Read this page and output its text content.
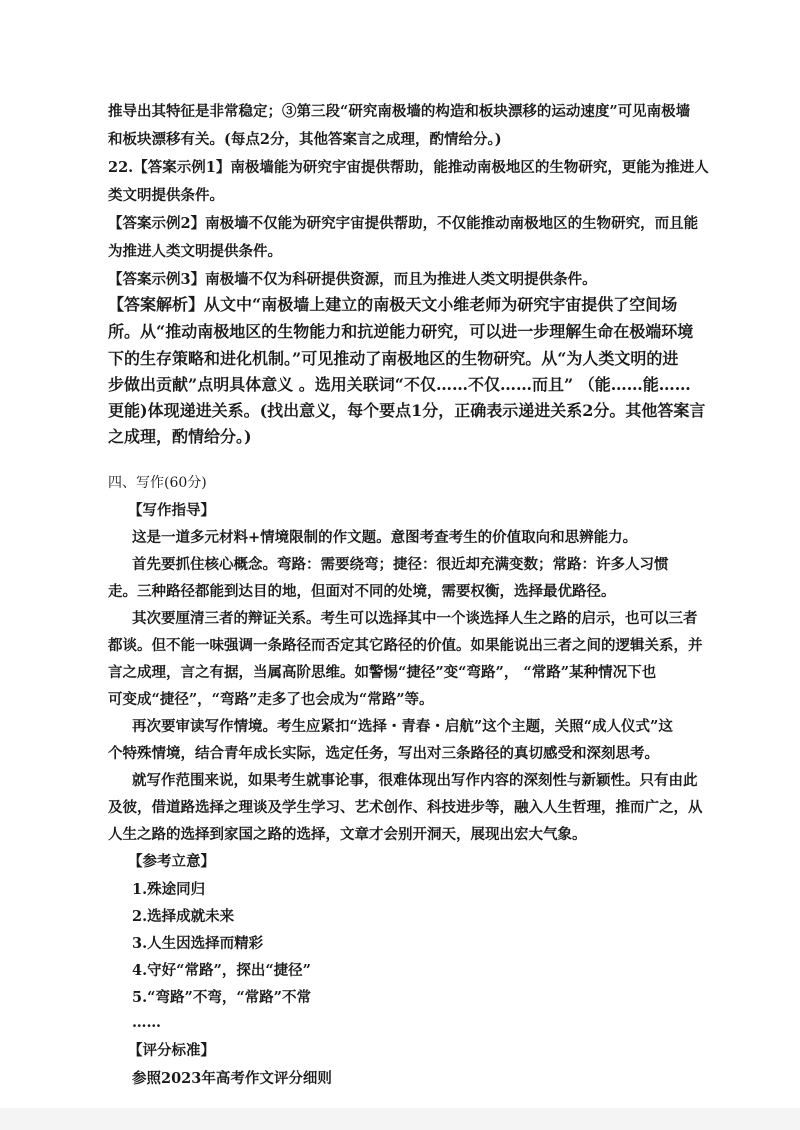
推导出其特征是非常稳定；③第三段“研究南极墙的构造和板块漂移的运动速度”可见南极墙
和板块漂移有关。(每点2分，其他答案言之成理，酌情给分。)
22.【答案示例1】南极墙能为研究宇宙提供帮助，能推动南极地区的生物研究，更能为推进人
类文明提供条件。
【答案示例2】南极墙不仅能为研究宇宙提供帮助，不仅能推动南极地区的生物研究，而且能
为推进人类文明提供条件。
【答案示例3】南极墙不仅为科研提供资源，而且为推进人类文明提供条件。
【答案解析】从文中“南极墙上建立的南极天文小维老师为研究宇宙提供了空间场
所。从“推动南极地区的生物能力和抗逆能力研究，可以进一步理解生命在极端环境
下的生存策略和进化机制。”可见推动了南极地区的生物研究。从“为人类文明的进
步做出贡献”点明具体意义 。选用关联词“不仅……不仅……而且” （能……能……
更能)体现递进关系。(找出意义，每个要点1分，正确表示递进关系2分。其他答案言
之成理，酌情给分。)
四、写作(60分)
【写作指导】
这是一道多元材料+情境限制的作文题。意图考查考生的价值取向和思辨能力。
首先要抓住核心概念。弯路：需要绕弯；捷径：很近却充满变数；常路：许多人习惯
走。三种路径都能到达目的地，但面对不同的处境，需要权衡，选择最优路径。
其次要厘清三者的辩证关系。考生可以选择其中一个谈选择人生之路的启示，也可以三者
都谈。但不能一味强调一条路径而否定其它路径的价值。如果能说出三者之间的逻辑关系，并
言之成理，言之有据，当属高阶思维。如警惕“捷径”变“弯路”， “常路”某种情况下也
可变成“捷径”，“弯路”走多了也会成为“常路”等。
再次要审读写作情境。考生应紧扣“选择・青春・启航”这个主题，关照“成人仪式”这
个特殊情境，结合青年成长实际，选定任务，写出对三条路径的真切感受和深刻思考。
就写作范围来说，如果考生就事论事，很难体现出写作内容的深刻性与新颖性。只有由此
及彼，借道路选择之理谈及学生学习、艺术创作、科技进步等，融入人生哲理，推而广之，从
人生之路的选择到家国之路的选择，文章才会别开洞天，展现出宏大气象。
【参考立意】
1.殊途同归
2.选择成就未来
3.人生因选择而精彩
4.守好“常路”，探出“捷径”
5.“弯路”不弯，“常路”不常
……
【评分标准】
参照2023年高考作文评分细则
